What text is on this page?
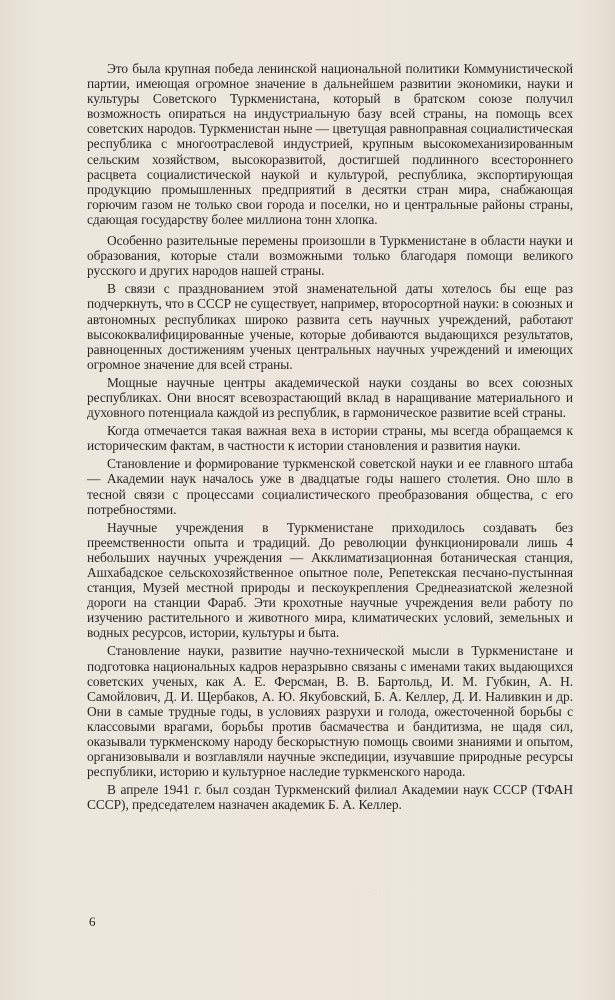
Это была крупная победа ленинской национальной политики Коммунистической партии, имеющая огромное значение в дальнейшем развитии экономики, науки и культуры Советского Туркменистана, который в братском союзе получил возможность опираться на индустриальную базу всей страны, на помощь всех советских народов. Туркменистан ныне — цветущая равноправная социалистическая республика с многоотраслевой индустрией, крупным высокомеханизированным сельским хозяйством, высокоразвитой, достигшей подлинного всестороннего расцвета социалистической наукой и культурой, республика, экспортирующая продукцию промышленных предприятий в десятки стран мира, снабжающая горючим газом не только свои города и поселки, но и центральные районы страны, сдающая государству более миллиона тонн хлопка.

Особенно разительные перемены произошли в Туркменистане в области науки и образования, которые стали возможными только благодаря помощи великого русского и других народов нашей страны.

В связи с празднованием этой знаменательной даты хотелось бы еще раз подчеркнуть, что в СССР не существует, например, второсортной науки: в союзных и автономных республиках широко развита сеть научных учреждений, работают высококвалифицированные ученые, которые добиваются выдающихся результатов, равноценных достижениям ученых центральных научных учреждений и имеющих огромное значение для всей страны.

Мощные научные центры академической науки созданы во всех союзных республиках. Они вносят всевозрастающий вклад в наращивание материального и духовного потенциала каждой из республик, в гармоническое развитие всей страны.

Когда отмечается такая важная веха в истории страны, мы всегда обращаемся к историческим фактам, в частности к истории становления и развития науки.

Становление и формирование туркменской советской науки и ее главного штаба — Академии наук началось уже в двадцатые годы нашего столетия. Оно шло в тесной связи с процессами социалистического преобразования общества, с его потребностями.

Научные учреждения в Туркменистане приходилось создавать без преемственности опыта и традиций. До революции функционировали лишь 4 небольших научных учреждения — Акклиматизационная ботаническая станция, Ашхабадское сельскохозяйственное опытное поле, Репетекская песчано-пустынная станция, Музей местной природы и пескоукрепления Среднеазиатской железной дороги на станции Фараб. Эти крохотные научные учреждения вели работу по изучению растительного и животного мира, климатических условий, земельных и водных ресурсов, истории, культуры и быта.

Становление науки, развитие научно-технической мысли в Туркменистане и подготовка национальных кадров неразрывно связаны с именами таких выдающихся советских ученых, как А. Е. Ферсман, В. В. Бартольд, И. М. Губкин, А. Н. Самойлович, Д. И. Щербаков, А. Ю. Якубовский, Б. А. Келлер, Д. И. Наливкин и др. Они в самые трудные годы, в условиях разрухи и голода, ожесточенной борьбы с классовыми врагами, борьбы против басмачества и бандитизма, не щадя сил, оказывали туркменскому народу бескорыстную помощь своими знаниями и опытом, организовывали и возглавляли научные экспедиции, изучавшие природные ресурсы республики, историю и культурное наследие туркменского народа.

В апреле 1941 г. был создан Туркменский филиал Академии наук СССР (ТФАН СССР), председателем назначен академик Б. А. Келлер.

6
